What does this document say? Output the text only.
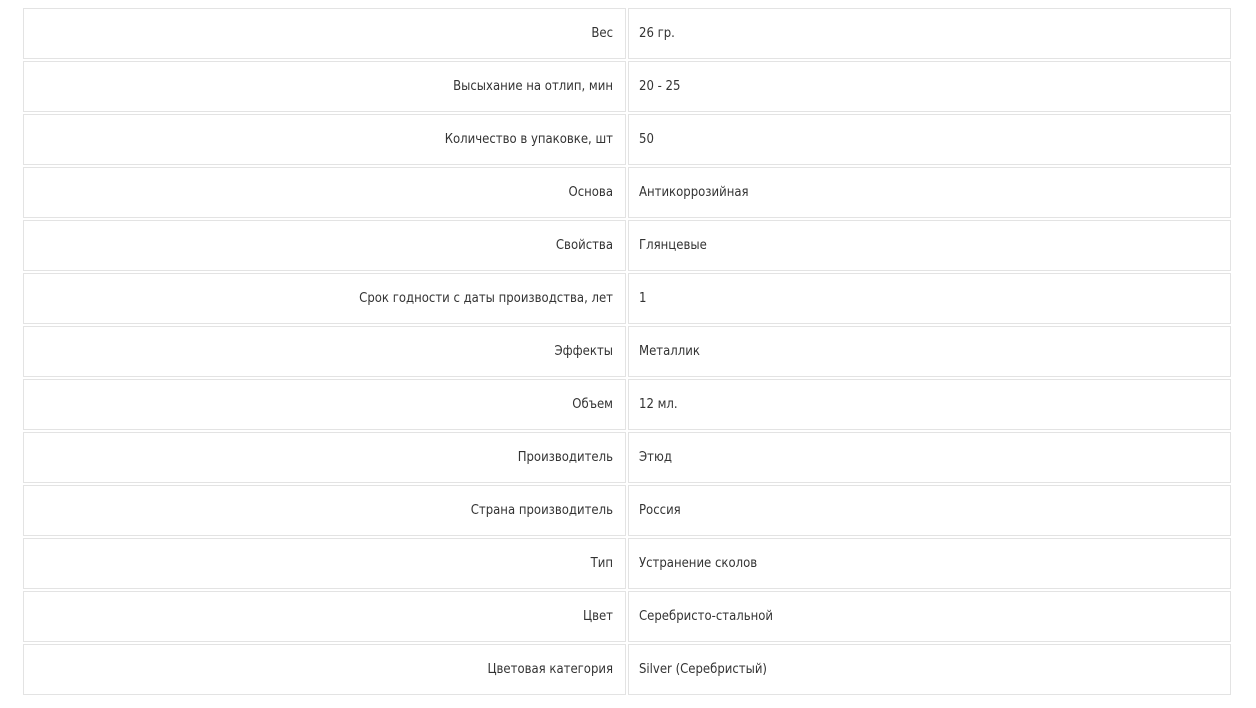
Вес	26 гр.
Высыхание на отлип, мин	20 - 25
Количество в упаковке, шт	50
Основа	Антикоррозийная
Свойства	Глянцевые
Срок годности с даты производства, лет	1
Эффекты	Металлик
Объем	12 мл.
Производитель	Этюд
Страна производитель	Россия
Тип	Устранение сколов
Цвет	Серебристо-стальной
Цветовая категория	Silver (Серебристый)
